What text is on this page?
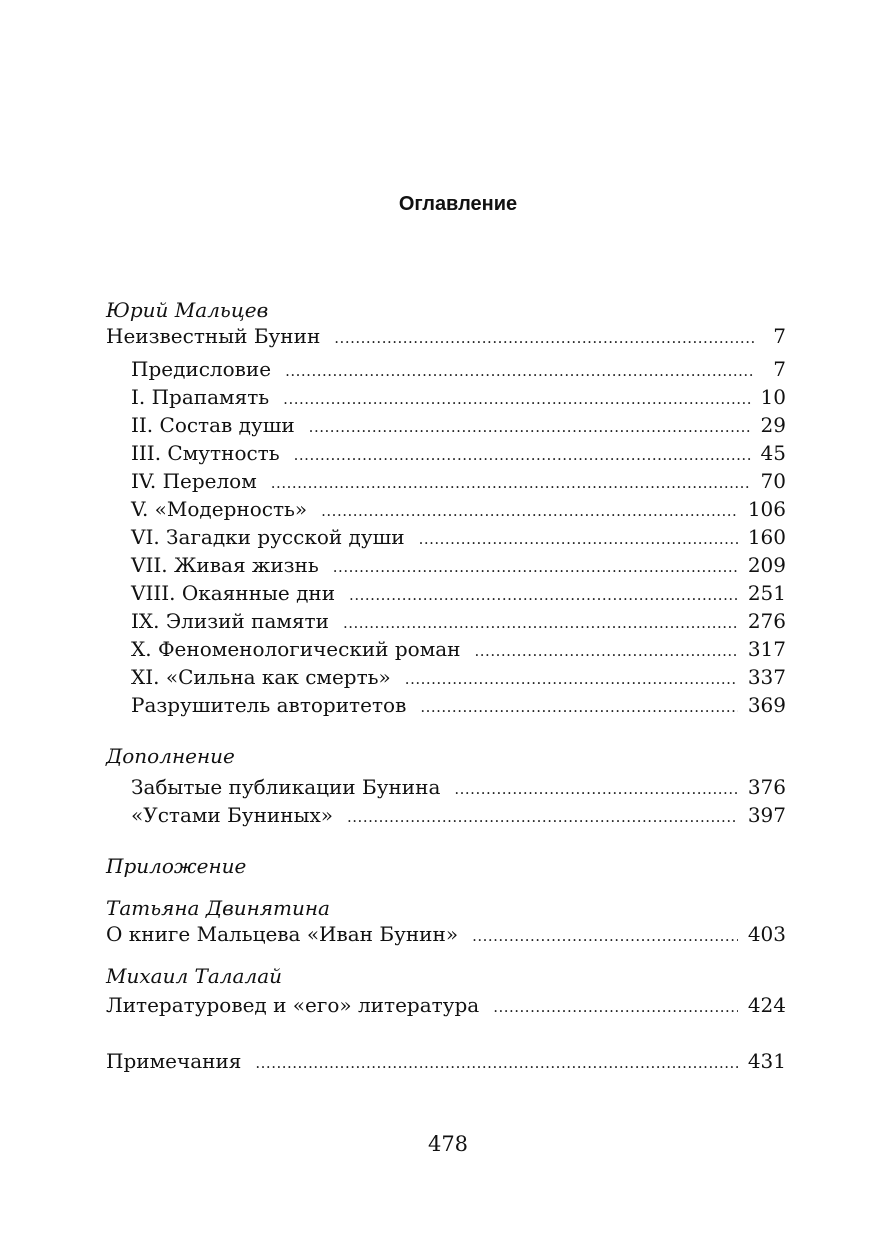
Оглавление
Юрий Мальцев
Неизвестный Бунин .....	7
Предисловие .....	7
I. Прапамять .....	10
II. Состав души .....	29
III. Смутность .....	45
IV. Перелом .....	70
V. «Модерность» .....	106
VI. Загадки русской души .....	160
VII. Живая жизнь .....	209
VIII. Окаянные дни .....	251
IX. Элизий памяти .....	276
X. Феноменологический роман .....	317
XI. «Сильна как смерть» .....	337
Разрушитель авторитетов .....	369
Дополнение
Забытые публикации Бунина .....	376
«Устами Буниных» .....	397
Приложение
Татьяна Двинятина
О книге Мальцева «Иван Бунин» .....	403
Михаил Талалай
Литературовед и «его» литература .....	424
Примечания .....	431
478
